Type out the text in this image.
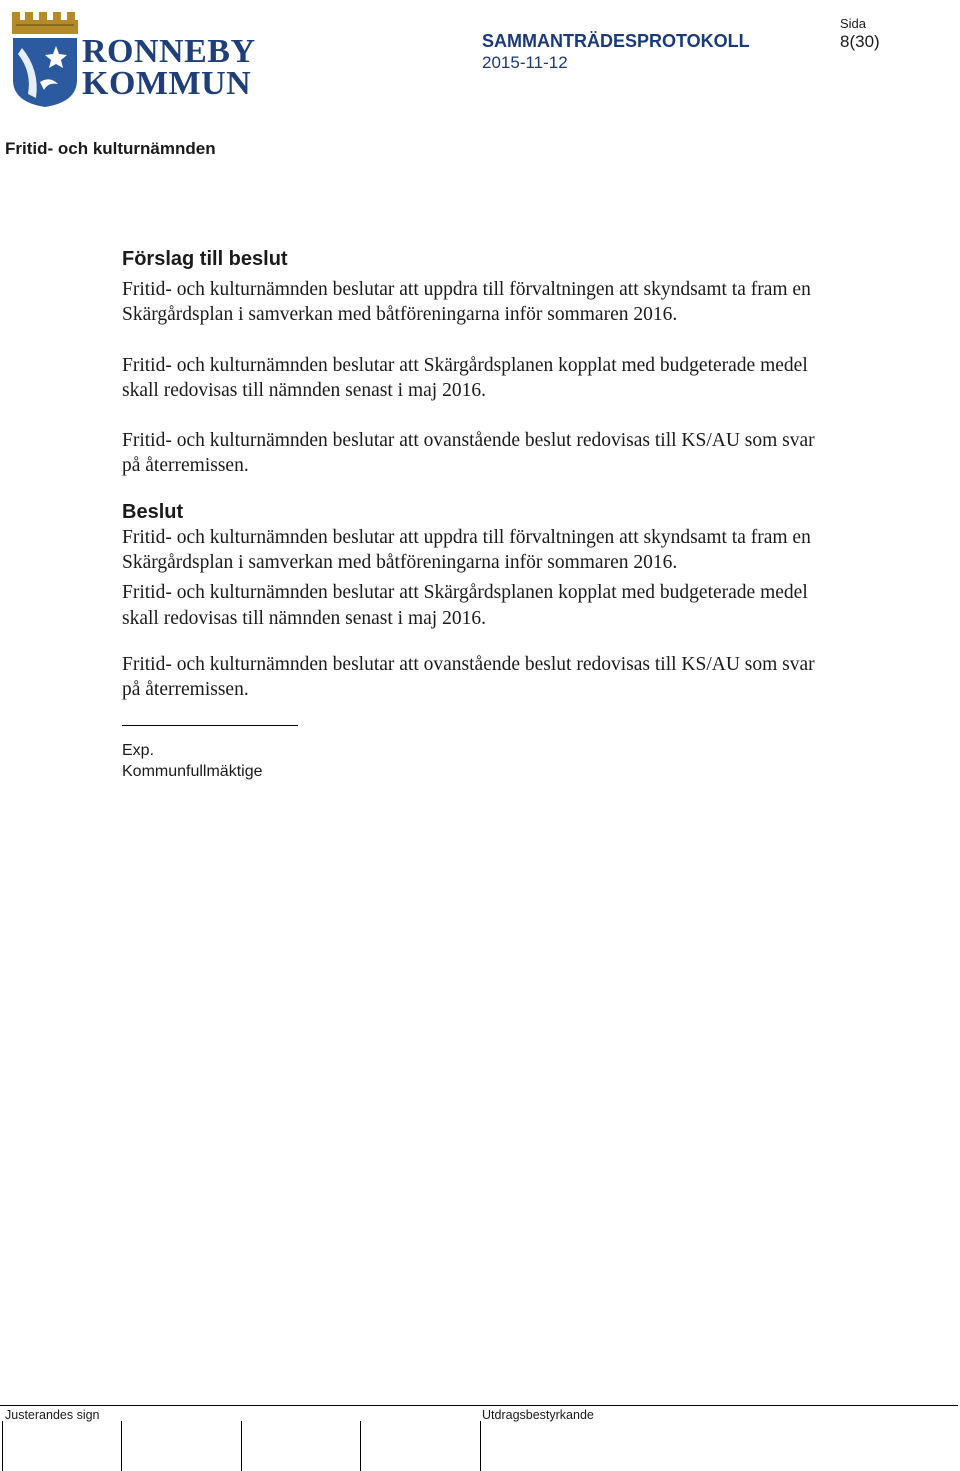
RONNEBY
KOMMUN
SAMMANTRÄDESPROTOKOLL
2015-11-12
Sida
8(30)
Fritid- och kulturnämnden
Förslag till beslut

Fritid- och kulturnämnden beslutar att uppdra till förvaltningen att skyndsamt ta fram en Skärgårdsplan i samverkan med båtföreningarna inför sommaren 2016.

Fritid- och kulturnämnden beslutar att Skärgårdsplanen kopplat med budgeterade medel skall redovisas till nämnden senast i maj 2016.

Fritid- och kulturnämnden beslutar att ovanstående beslut redovisas till KS/AU som svar på återremissen.

Beslut

Fritid- och kulturnämnden beslutar att uppdra till förvaltningen att skyndsamt ta fram en Skärgårdsplan i samverkan med båtföreningarna inför sommaren 2016.

Fritid- och kulturnämnden beslutar att Skärgårdsplanen kopplat med budgeterade medel skall redovisas till nämnden senast i maj 2016.

Fritid- och kulturnämnden beslutar att ovanstående beslut redovisas till KS/AU som svar på återremissen.

Exp.
Kommunfullmäktige
Justerandes sign	Utdragsbestyrkande
